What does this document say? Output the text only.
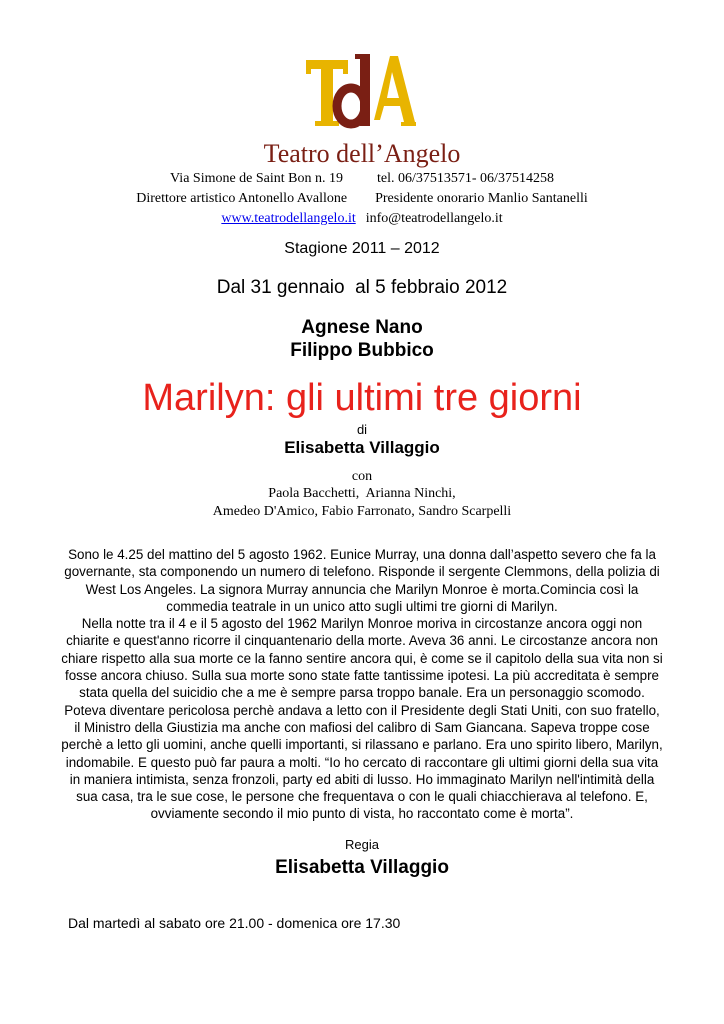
Teatro dell’Angelo
Via Simone de Saint Bon n. 19 tel. 06/37513571- 06/37514258
Direttore artistico Antonello Avallone Presidente onorario Manlio Santanelli
www.teatrodellangelo.it info@teatrodellangelo.it
Stagione 2011 – 2012
Dal 31 gennaio  al 5 febbraio 2012
Agnese Nano
Filippo Bubbico
Marilyn: gli ultimi tre giorni
di
Elisabetta Villaggio
con
Paola Bacchetti,  Arianna Ninchi,
Amedeo D'Amico, Fabio Farronato, Sandro Scarpelli

Sono le 4.25 del mattino del 5 agosto 1962. Eunice Murray, una donna dall’aspetto severo che fa la governante, sta componendo un numero di telefono. Risponde il sergente Clemmons, della polizia di West Los Angeles. La signora Murray annuncia che Marilyn Monroe è morta.Comincia così la commedia teatrale in un unico atto sugli ultimi tre giorni di Marilyn.

Nella notte tra il 4 e il 5 agosto del 1962 Marilyn Monroe moriva in circostanze ancora oggi non chiarite e quest'anno ricorre il cinquantenario della morte. Aveva 36 anni. Le circostanze ancora non chiare rispetto alla sua morte ce la fanno sentire ancora qui, è come se il capitolo della sua vita non si fosse ancora chiuso. Sulla sua morte sono state fatte tantissime ipotesi. La più accreditata è sempre stata quella del suicidio che a me è sempre parsa troppo banale. Era un personaggio scomodo. Poteva diventare pericolosa perchè andava a letto con il Presidente degli Stati Uniti, con suo fratello, il Ministro della Giustizia ma anche con mafiosi del calibro di Sam Giancana. Sapeva troppe cose perchè a letto gli uomini, anche quelli importanti, si rilassano e parlano. Era uno spirito libero, Marilyn, indomabile. E questo può far paura a molti. “Io ho cercato di raccontare gli ultimi giorni della sua vita in maniera intimista, senza fronzoli, party ed abiti di lusso. Ho immaginato Marilyn nell'intimità della sua casa, tra le sue cose, le persone che frequentava o con le quali chiacchierava al telefono. E, ovviamente secondo il mio punto di vista, ho raccontato come è morta”.

Regia
Elisabetta Villaggio
Dal martedì al sabato ore 21.00 - domenica ore 17.30
